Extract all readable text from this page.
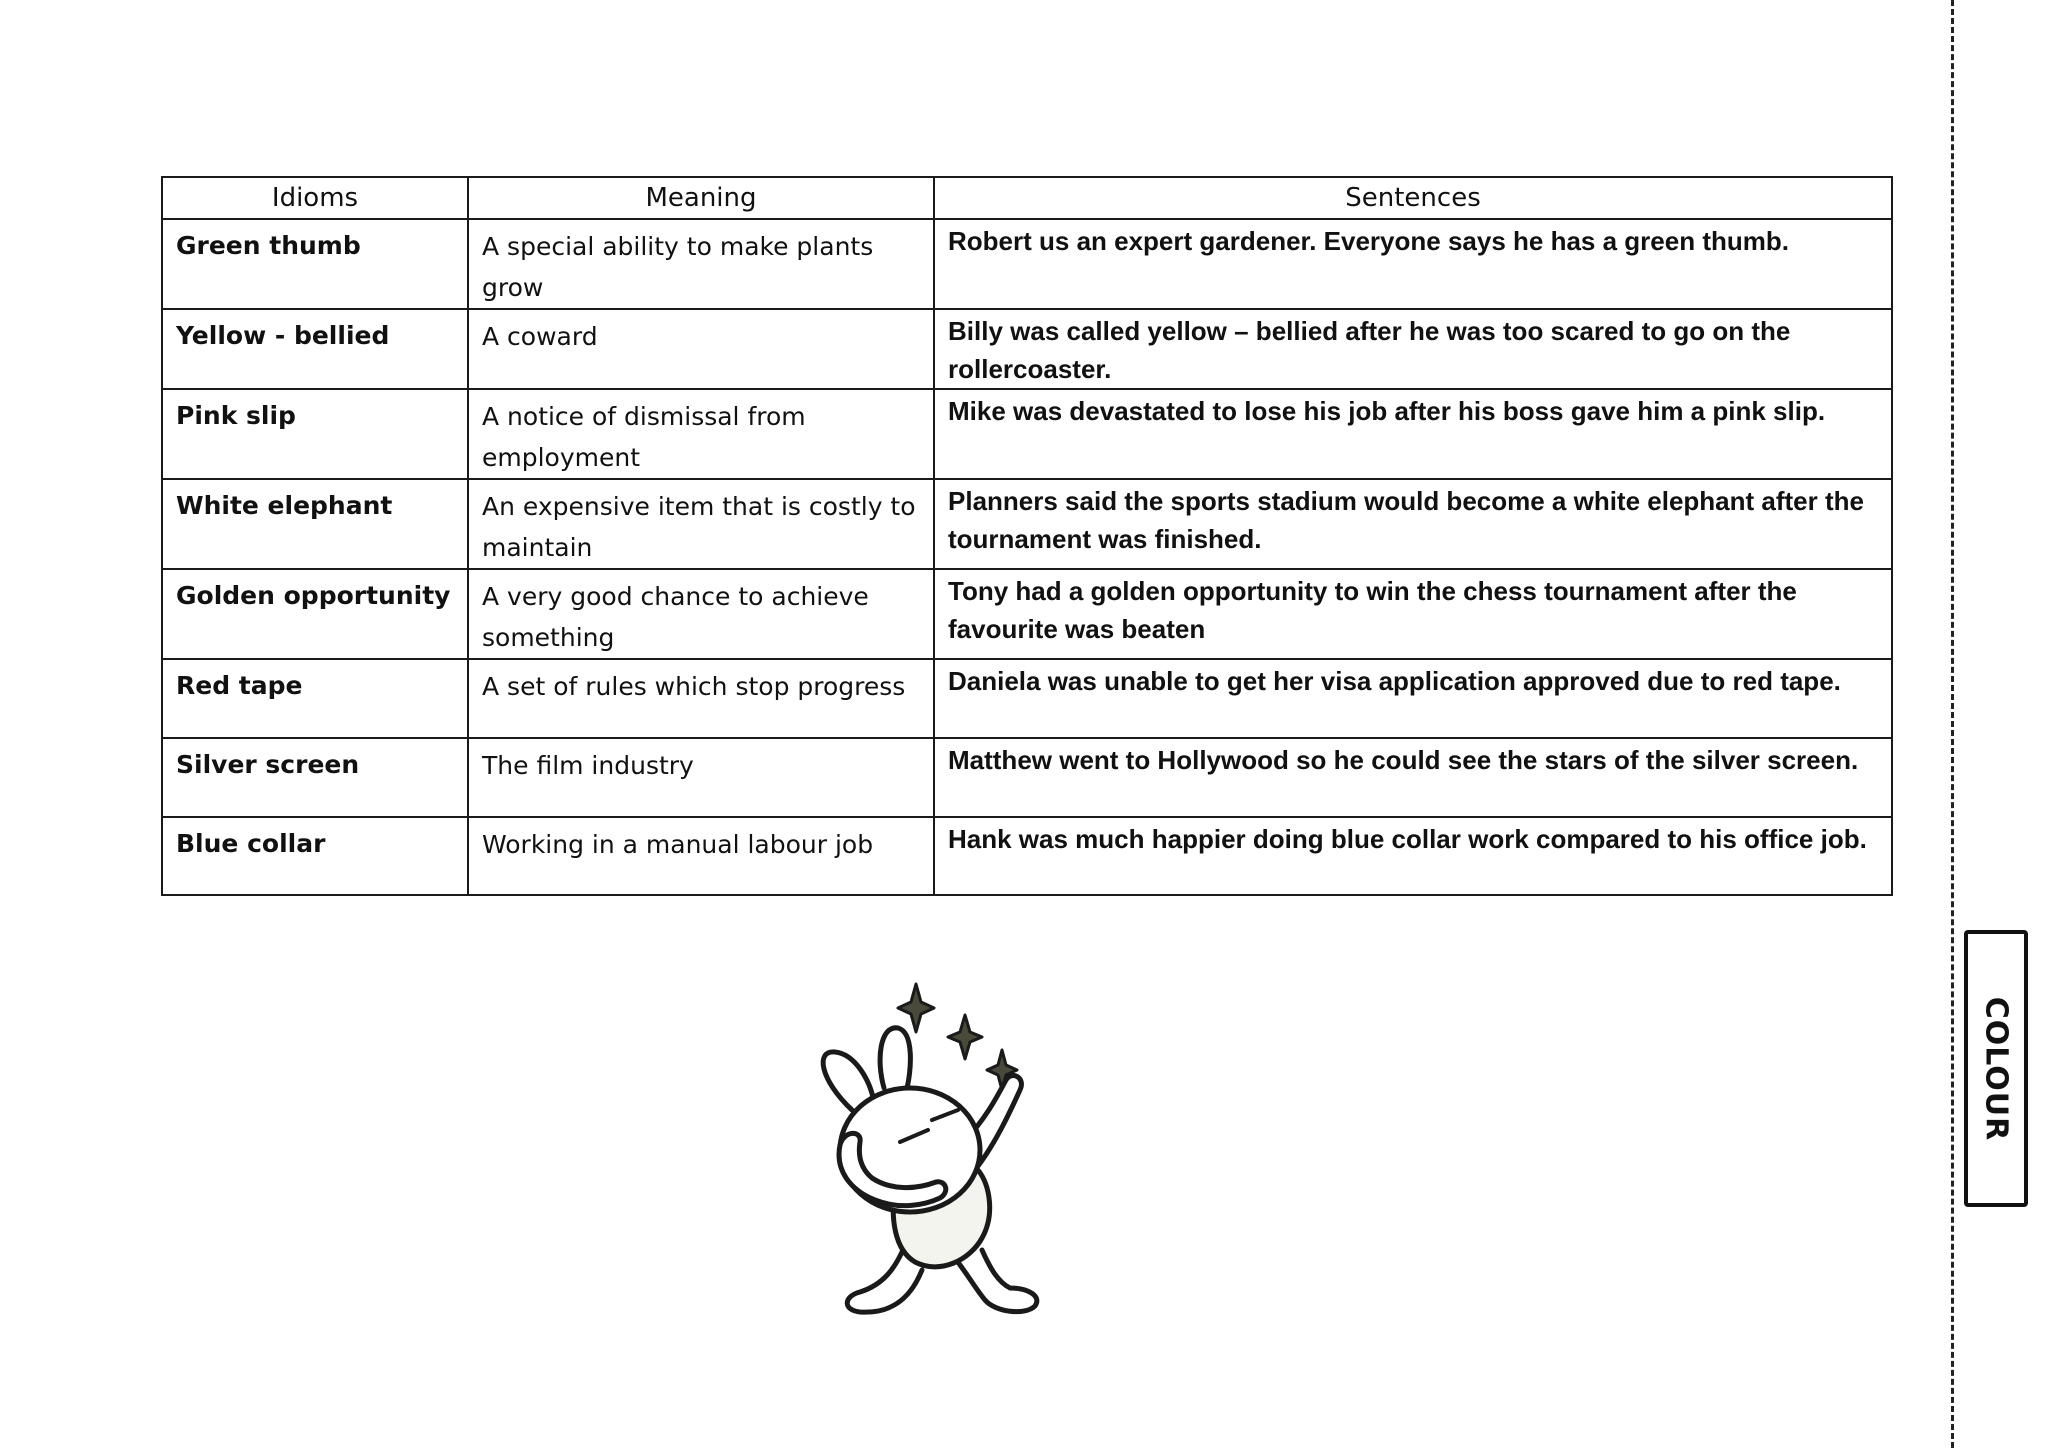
Idioms	Meaning	Sentences
Green thumb	A special ability to make plants grow	Robert us an expert gardener. Everyone says he has a green thumb.
Yellow - bellied	A coward	Billy was called yellow – bellied after he was too scared to go on the rollercoaster.
Pink slip	A notice of dismissal from employment	Mike was devastated to lose his job after his boss gave him a pink slip.
White elephant	An expensive item that is costly to maintain	Planners said the sports stadium would become a white elephant after the tournament was finished.
Golden opportunity	A very good chance to achieve something	Tony had a golden opportunity to win the chess tournament after the favourite was beaten
Red tape	A set of rules which stop progress	Daniela was unable to get her visa application approved due to red tape.
Silver screen	The film industry	Matthew went to Hollywood so he could see the stars of the silver screen.
Blue collar	Working in a manual labour job	Hank was much happier doing blue collar work compared to his office job.
COLOUR
